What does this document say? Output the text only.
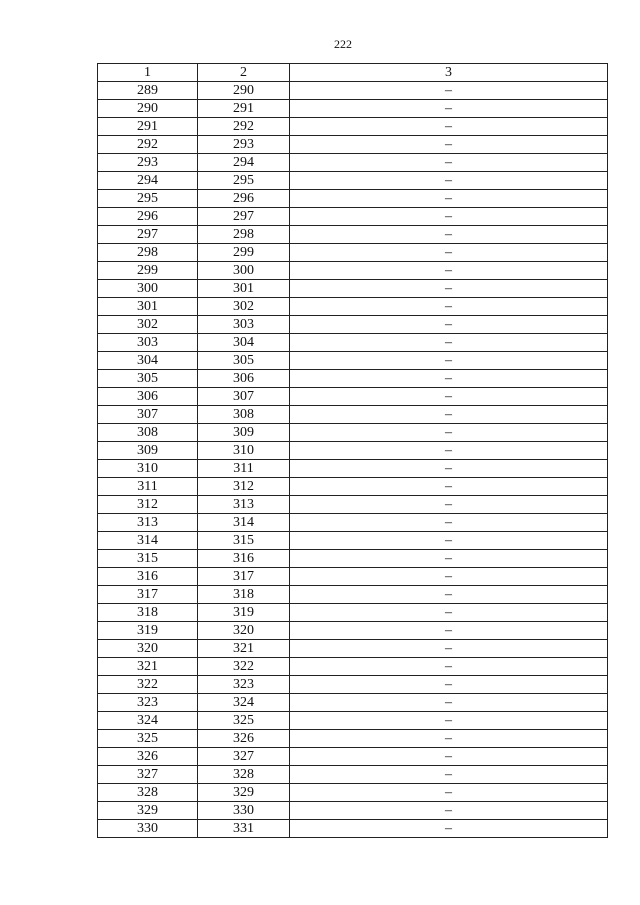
222
1	2	3
289	290	–
290	291	–
291	292	–
292	293	–
293	294	–
294	295	–
295	296	–
296	297	–
297	298	–
298	299	–
299	300	–
300	301	–
301	302	–
302	303	–
303	304	–
304	305	–
305	306	–
306	307	–
307	308	–
308	309	–
309	310	–
310	311	–
311	312	–
312	313	–
313	314	–
314	315	–
315	316	–
316	317	–
317	318	–
318	319	–
319	320	–
320	321	–
321	322	–
322	323	–
323	324	–
324	325	–
325	326	–
326	327	–
327	328	–
328	329	–
329	330	–
330	331	–
